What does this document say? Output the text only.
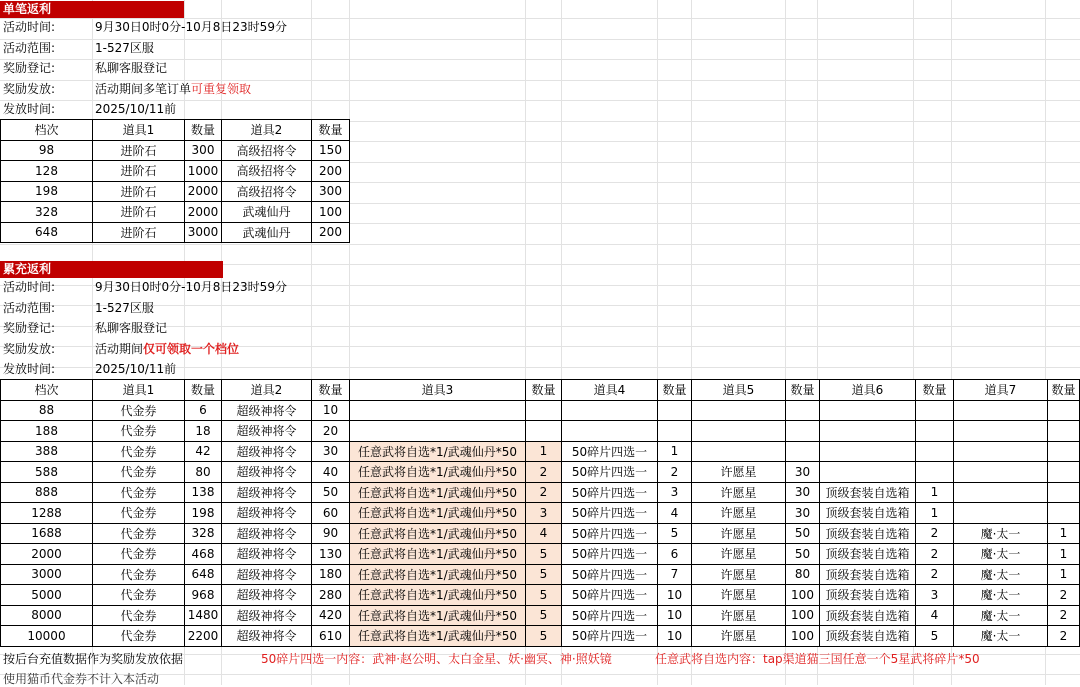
单笔返利
活动时间:	9月30日0时0分-10月8日23时59分
活动范围:	1-527区服
奖励登记:	私聊客服登记
奖励发放:	活动期间多笔订单可重复领取
发放时间:	2025/10/11前
档次	道具1	数量	道具2	数量
98	进阶石	300	高级招将令	150
128	进阶石	1000	高级招将令	200
198	进阶石	2000	高级招将令	300
328	进阶石	2000	武魂仙丹	100
648	进阶石	3000	武魂仙丹	200
累充返利
活动时间:	9月30日0时0分-10月8日23时59分
活动范围:	1-527区服
奖励登记:	私聊客服登记
奖励发放:	活动期间仅可领取一个档位
发放时间:	2025/10/11前
档次	道具1	数量	道具2	数量	道具3	数量	道具4	数量	道具5	数量	道具6	数量	道具7	数量
88	代金券	6	超级神将令	10										
188	代金券	18	超级神将令	20										
388	代金券	42	超级神将令	30	任意武将自选*1/武魂仙丹*50	1	50碎片四选一	1						
588	代金券	80	超级神将令	40	任意武将自选*1/武魂仙丹*50	2	50碎片四选一	2	许愿星	30				
888	代金券	138	超级神将令	50	任意武将自选*1/武魂仙丹*50	2	50碎片四选一	3	许愿星	30	顶级套装自选箱	1		
1288	代金券	198	超级神将令	60	任意武将自选*1/武魂仙丹*50	3	50碎片四选一	4	许愿星	30	顶级套装自选箱	1		
1688	代金券	328	超级神将令	90	任意武将自选*1/武魂仙丹*50	4	50碎片四选一	5	许愿星	50	顶级套装自选箱	2	魔·太一	1
2000	代金券	468	超级神将令	130	任意武将自选*1/武魂仙丹*50	5	50碎片四选一	6	许愿星	50	顶级套装自选箱	2	魔·太一	1
3000	代金券	648	超级神将令	180	任意武将自选*1/武魂仙丹*50	5	50碎片四选一	7	许愿星	80	顶级套装自选箱	2	魔·太一	1
5000	代金券	968	超级神将令	280	任意武将自选*1/武魂仙丹*50	5	50碎片四选一	10	许愿星	100	顶级套装自选箱	3	魔·太一	2
8000	代金券	1480	超级神将令	420	任意武将自选*1/武魂仙丹*50	5	50碎片四选一	10	许愿星	100	顶级套装自选箱	4	魔·太一	2
10000	代金券	2200	超级神将令	610	任意武将自选*1/武魂仙丹*50	5	50碎片四选一	10	许愿星	100	顶级套装自选箱	5	魔·太一	2
按后台充值数据作为奖励发放依据	50碎片四选一内容：武神·赵公明、太白金星、妖·幽冥、神·照妖镜	任意武将自选内容：tap渠道猫三国任意一个5星武将碎片*50
使用猫币代金券不计入本活动
